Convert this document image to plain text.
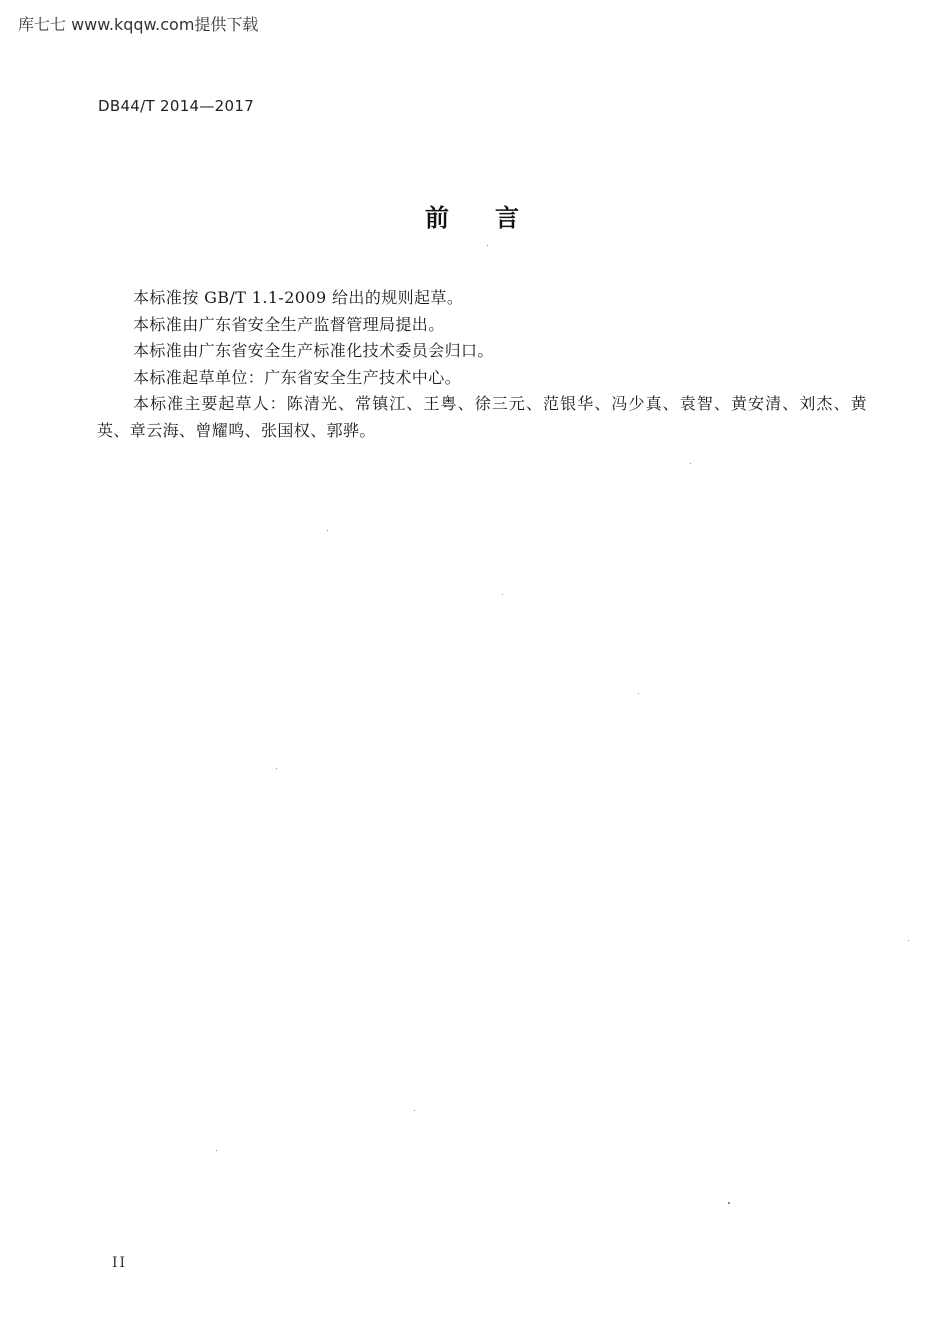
库七七 www.kqqw.com提供下载
DB44/T 2014—2017
前言

本标准按 GB/T 1.1-2009 给出的规则起草。

本标准由广东省安全生产监督管理局提出。

本标准由广东省安全生产标准化技术委员会归口。

本标准起草单位：广东省安全生产技术中心。

本标准主要起草人：陈清光、常镇江、王粤、徐三元、范银华、冯少真、袁智、黄安清、刘杰、黄英、章云海、曾耀鸣、张国权、郭骅。

II
